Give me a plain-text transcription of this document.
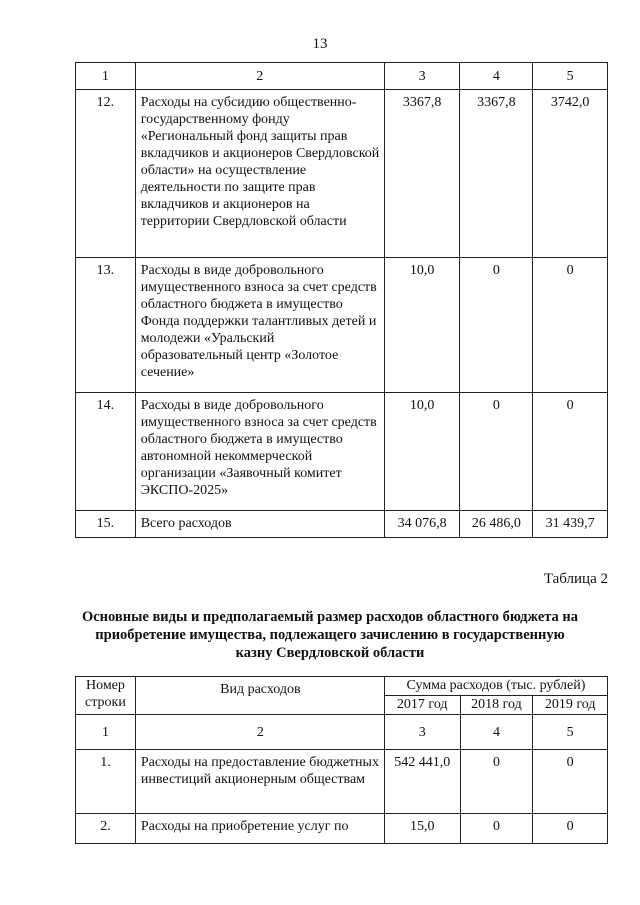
13
1	2	3	4	5
12.	Расходы на субсидию общественно-государственному фонду «Региональный фонд защиты прав вкладчиков и акционеров Свердловской области» на осуществление деятельности по защите прав вкладчиков и акционеров на территории Свердловской области	3367,8	3367,8	3742,0
13.	Расходы в виде добровольного имущественного взноса за счет средств областного бюджета в имущество Фонда поддержки талантливых детей и молодежи «Уральский образовательный центр «Золотое сечение»	10,0	0	0
14.	Расходы в виде добровольного имущественного взноса за счет средств областного бюджета в имущество автономной некоммерческой организации «Заявочный комитет ЭКСПО-2025»	10,0	0	0
15.	Всего расходов	34 076,8	26 486,0	31 439,7
Таблица 2
Основные виды и предполагаемый размер расходов областного бюджета на приобретение имущества, подлежащего зачислению в государственную казну Свердловской области
Номер
строки	Вид расходов	Сумма расходов (тыс. рублей)		
		2017 год	2018 год	2019 год
1	2	3	4	5
1.	Расходы на предоставление бюджетных инвестиций акционерным обществам	542 441,0	0	0
2.	Расходы на приобретение услуг по	15,0	0	0
